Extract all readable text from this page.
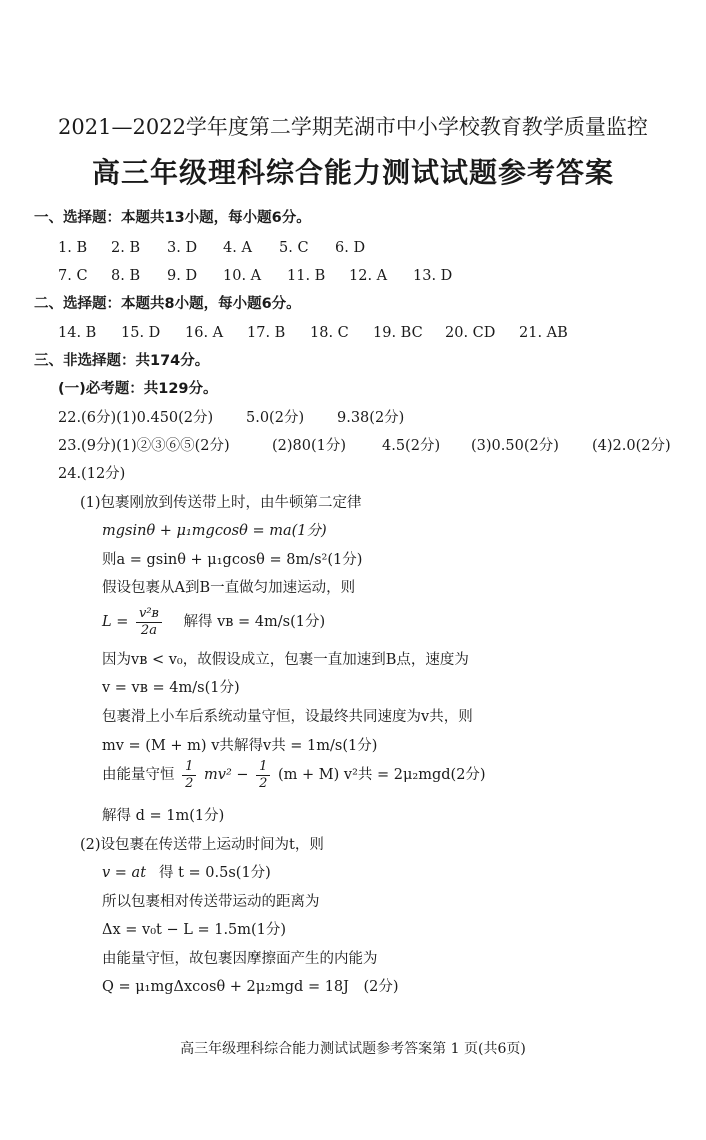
2021—2022学年度第二学期芜湖市中小学校教育教学质量监控
高三年级理科综合能力测试试题参考答案
一、选择题：本题共13小题，每小题6分。
1. B 2. B 3. D 4. A 5. C 6. D
7. C 8. B 9. D 10. A 11. B 12. A 13. D
二、选择题：本题共8小题，每小题6分。
14. B 15. D 16. A 17. B 18. C 19. BC 20. CD 21. AB
三、非选择题：共174分。
(一)必考题：共129分。
22.(6分)(1)0.450(2分) 5.0(2分) 9.38(2分)
23.(9分)(1)②③⑥⑤(2分)	(2)80(1分) 4.5(2分) (3)0.50(2分) (4)2.0(2分)
24.(12分)
(1)包裹刚放到传送带上时，由牛顿第二定律
mgsinθ + μ₁mgcosθ = ma(1分)
则a = gsinθ + μ₁gcosθ = 8m/s²(1分)
假设包裹从A到B一直做匀加速运动，则
$L = \frac{\text{v²ʙ}}{2a}$ 解得 vʙ = 4m/s(1分)
因为vʙ < v₀，故假设成立，包裹一直加速到B点，速度为
v = vʙ = 4m/s(1分)
包裹滑上小车后系统动量守恒，设最终共同速度为v共，则
mv = (M + m) v共 解得v共 = 1m/s(1分)
由能量守恒 $\frac{1}{2} mv^2 - \frac{1}{2} (m + M)$ v²共 = 2μ₂mgd(2分)
解得 d = 1m(1分)
(2)设包裹在传送带上运动时间为t，则
v = at 得 t = 0.5s(1分)
所以包裹相对传送带运动的距离为
Δx = v₀t − L = 1.5m(1分)
由能量守恒，故包裹因摩擦面产生的内能为
Q = μ₁mgΔxcosθ + 2μ₂mgd = 18J　(2分)
高三年级理科综合能力测试试题参考答案第 1 页(共6页)
